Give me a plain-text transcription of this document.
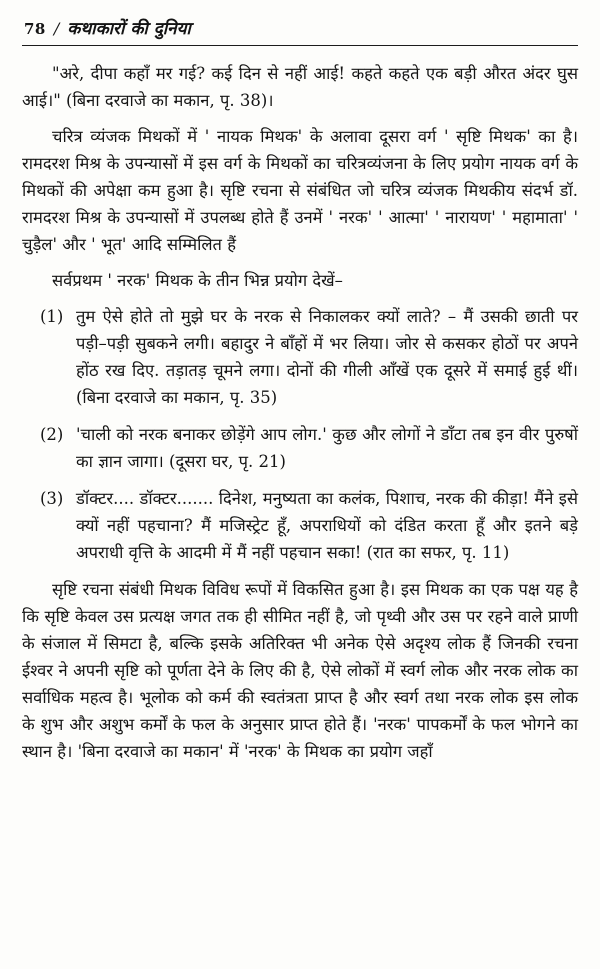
78 / कथाकारों की दुनिया

"अरे, दीपा कहाँ मर गई? कई दिन से नहीं आई! कहते कहते एक बड़ी औरत अंदर घुस आई।" (बिना दरवाजे का मकान, पृ. 38)।

चरित्र व्यंजक मिथकों में ' नायक मिथक' के अलावा दूसरा वर्ग ' सृष्टि मिथक' का है। रामदरश मिश्र के उपन्यासों में इस वर्ग के मिथकों का चरित्रव्यंजना के लिए प्रयोग नायक वर्ग के मिथकों की अपेक्षा कम हुआ है। सृष्टि रचना से संबंधित जो चरित्र व्यंजक मिथकीय संदर्भ डॉ. रामदरश मिश्र के उपन्यासों में उपलब्ध होते हैं उनमें ' नरक' ' आत्मा' ' नारायण' ' महामाता' ' चुड़ैल' और ' भूत' आदि सम्मिलित हैं

सर्वप्रथम ' नरक' मिथक के तीन भिन्न प्रयोग देखें–

(1) तुम ऐसे होते तो मुझे घर के नरक से निकालकर क्यों लाते? – मैं उसकी छाती पर पड़ी–पड़ी सुबकने लगी। बहादुर ने बाँहों में भर लिया। जोर से कसकर होठों पर अपने होंठ रख दिए. तड़ातड़ चूमने लगा। दोनों की गीली आँखें एक दूसरे में समाई हुई थीं। (बिना दरवाजे का मकान, पृ. 35)
(2) 'चाली को नरक बनाकर छोड़ेंगे आप लोग.' कुछ और लोगों ने डाँटा तब इन वीर पुरुषों का ज्ञान जागा। (दूसरा घर, पृ. 21)
(3) डॉक्टर.... डॉक्टर....... दिनेश, मनुष्यता का कलंक, पिशाच, नरक की कीड़ा! मैंने इसे क्यों नहीं पहचाना? मैं मजिस्ट्रेट हूँ, अपराधियों को दंडित करता हूँ और इतने बड़े अपराधी वृत्ति के आदमी में मैं नहीं पहचान सका! (रात का सफर, पृ. 11)

सृष्टि रचना संबंधी मिथक विविध रूपों में विकसित हुआ है। इस मिथक का एक पक्ष यह है कि सृष्टि केवल उस प्रत्यक्ष जगत तक ही सीमित नहीं है, जो पृथ्वी और उस पर रहने वाले प्राणी के संजाल में सिमटा है, बल्कि इसके अतिरिक्त भी अनेक ऐसे अदृश्य लोक हैं जिनकी रचना ईश्वर ने अपनी सृष्टि को पूर्णता देने के लिए की है, ऐसे लोकों में स्वर्ग लोक और नरक लोक का सर्वाधिक महत्व है। भूलोक को कर्म की स्वतंत्रता प्राप्त है और स्वर्ग तथा नरक लोक इस लोक के शुभ और अशुभ कर्मों के फल के अनुसार प्राप्त होते हैं। 'नरक' पापकर्मों के फल भोगने का स्थान है। 'बिना दरवाजे का मकान' में 'नरक' के मिथक का प्रयोग जहाँ
